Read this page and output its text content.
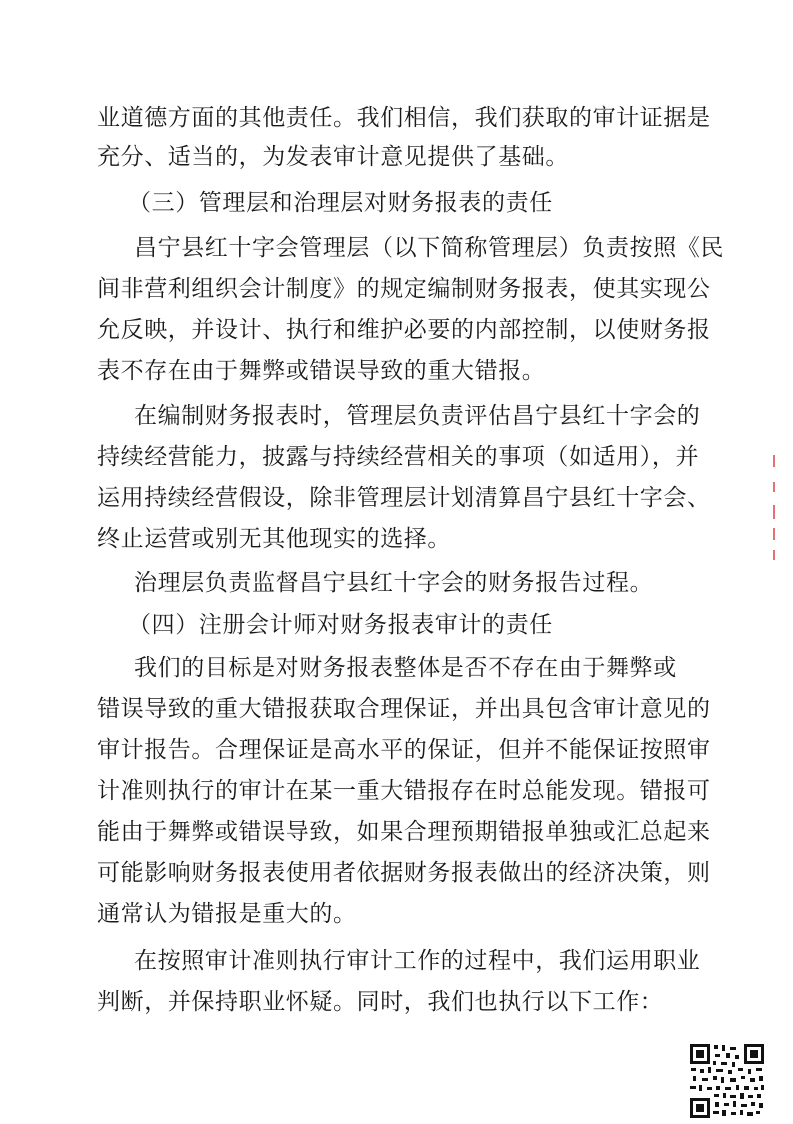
业道德方面的其他责任。我们相信，我们获取的审计证据是
充分、适当的，为发表审计意见提供了基础。
（三）管理层和治理层对财务报表的责任
昌宁县红十字会管理层（以下简称管理层）负责按照《民
间非营利组织会计制度》的规定编制财务报表，使其实现公
允反映，并设计、执行和维护必要的内部控制，以使财务报
表不存在由于舞弊或错误导致的重大错报。
在编制财务报表时，管理层负责评估昌宁县红十字会的
持续经营能力，披露与持续经营相关的事项（如适用），并
运用持续经营假设，除非管理层计划清算昌宁县红十字会、
终止运营或别无其他现实的选择。
治理层负责监督昌宁县红十字会的财务报告过程。
（四）注册会计师对财务报表审计的责任
我们的目标是对财务报表整体是否不存在由于舞弊或
错误导致的重大错报获取合理保证，并出具包含审计意见的
审计报告。合理保证是高水平的保证，但并不能保证按照审
计准则执行的审计在某一重大错报存在时总能发现。错报可
能由于舞弊或错误导致，如果合理预期错报单独或汇总起来
可能影响财务报表使用者依据财务报表做出的经济决策，则
通常认为错报是重大的。
在按照审计准则执行审计工作的过程中，我们运用职业
判断，并保持职业怀疑。同时，我们也执行以下工作：
